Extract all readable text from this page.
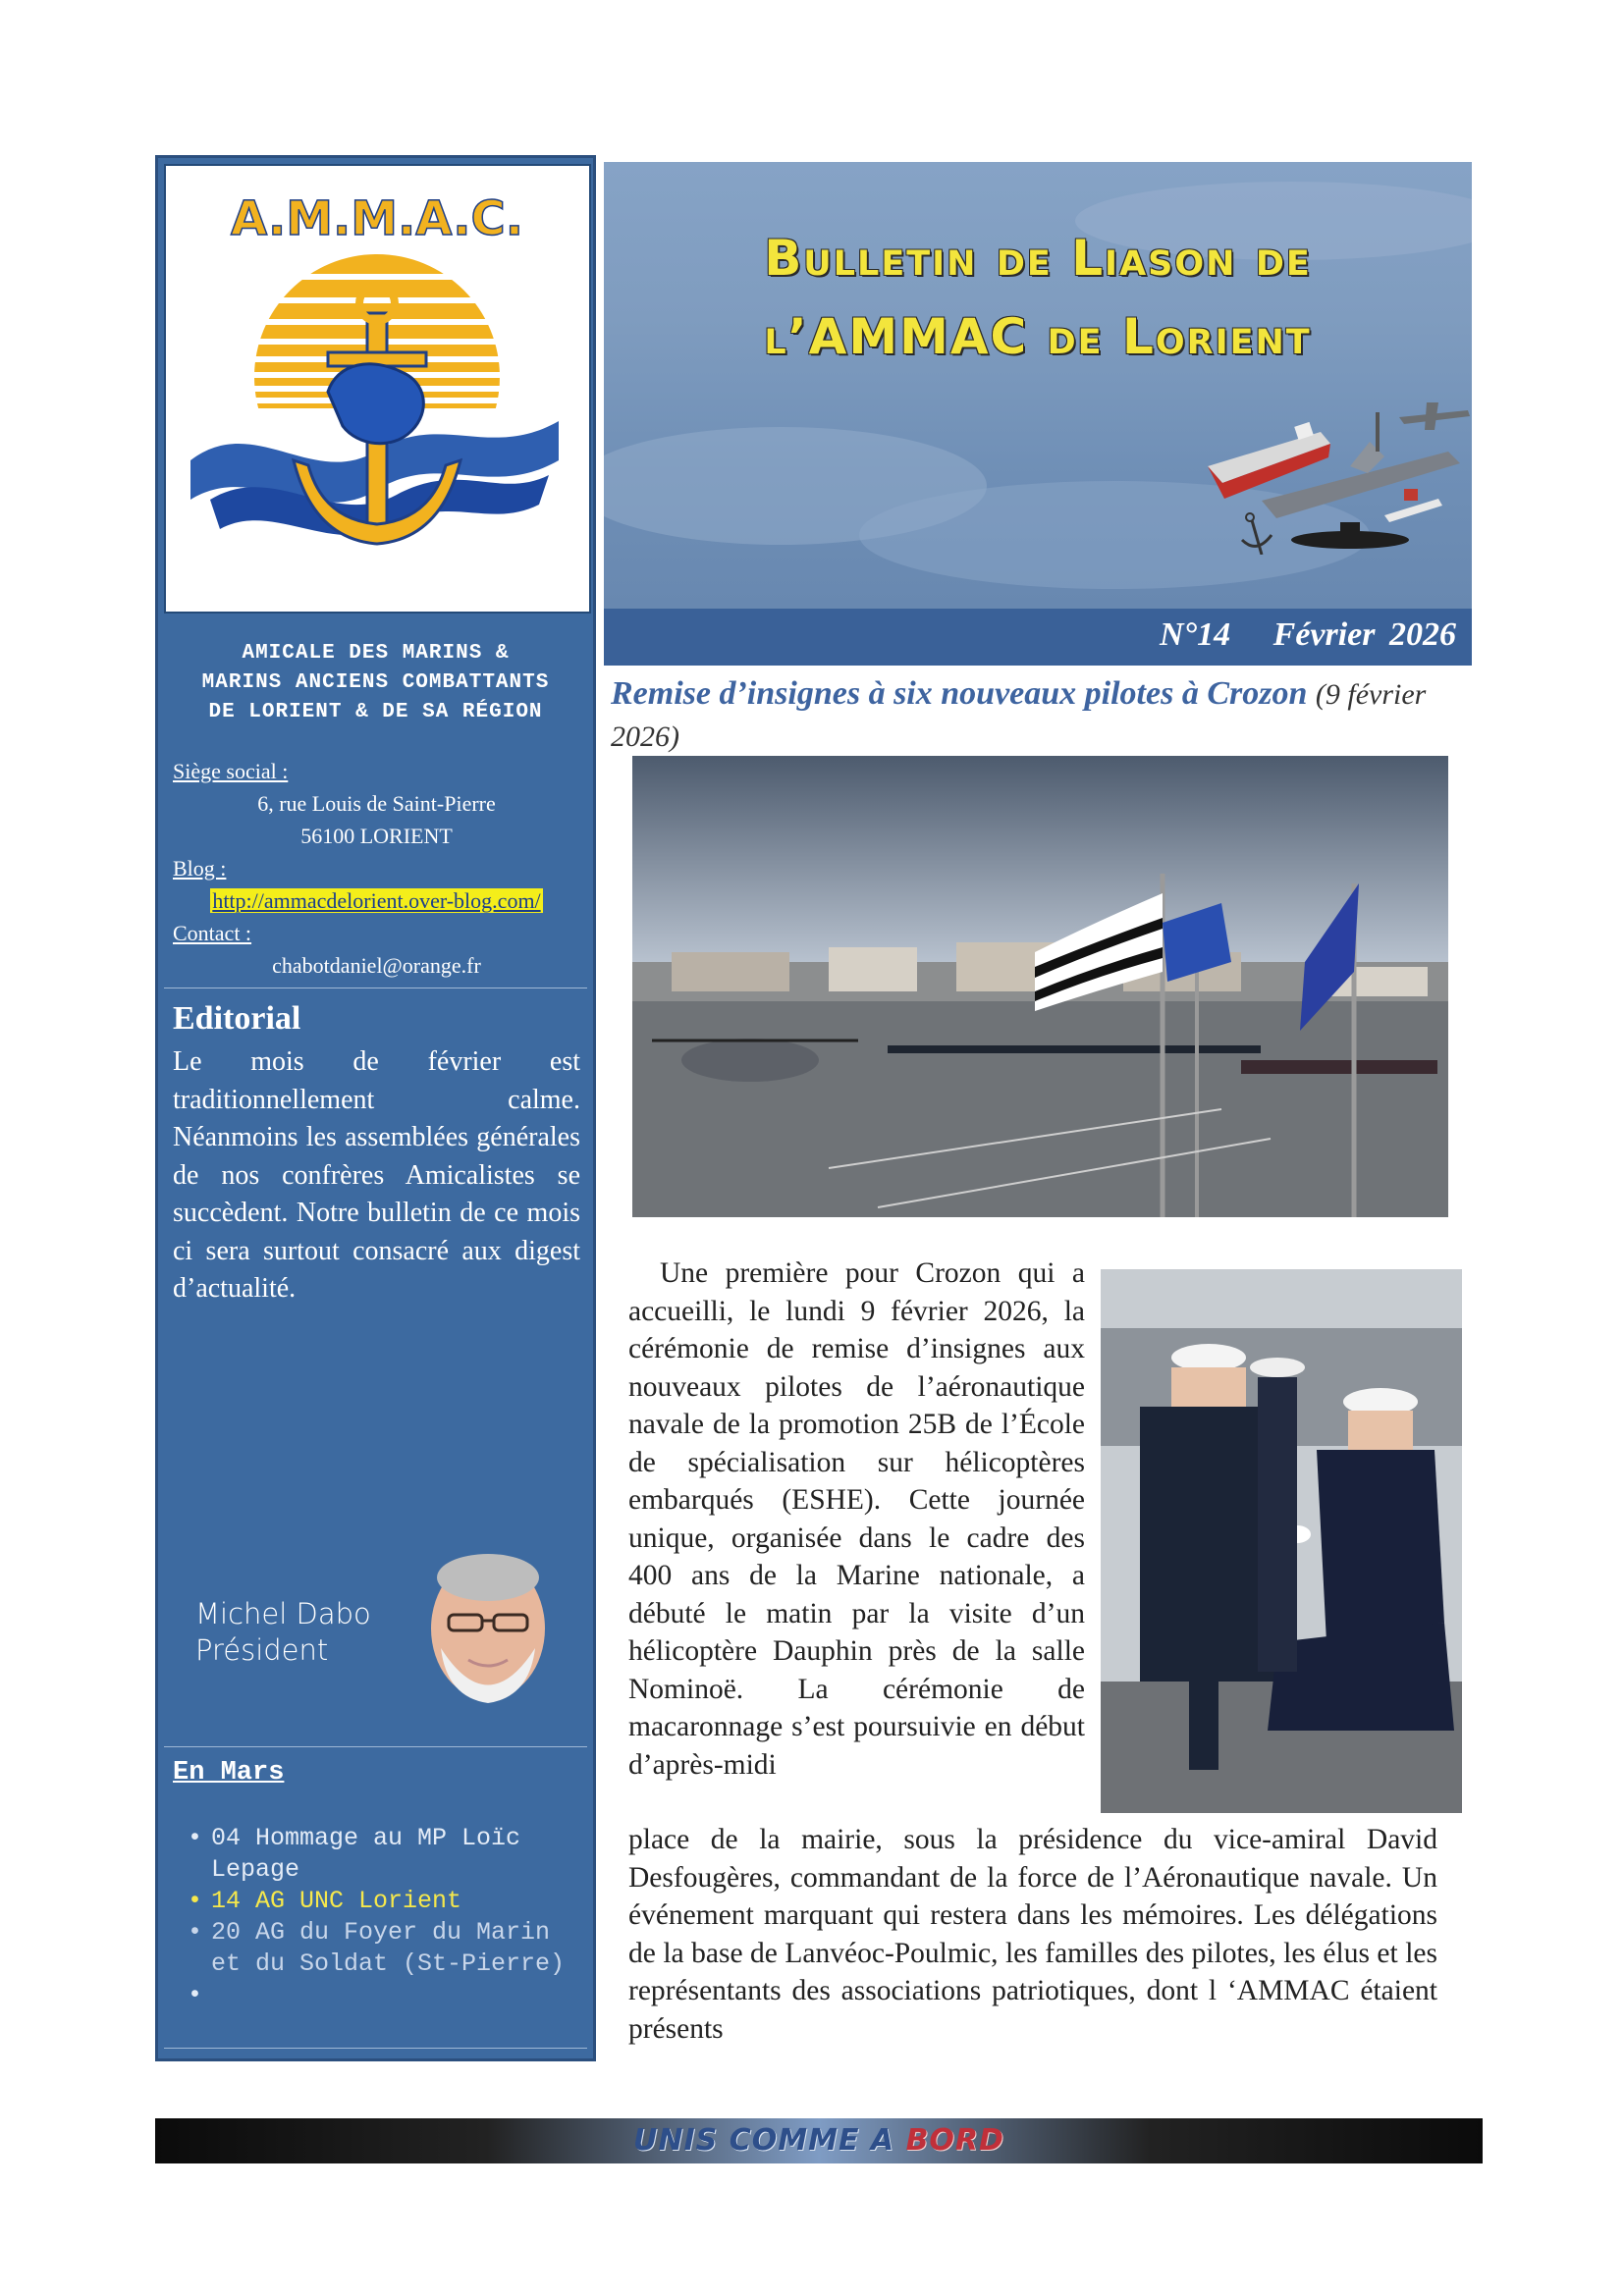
A.M.M.A.C.
AMICALE DES MARINS &
MARINS ANCIENS COMBATTANTS
DE LORIENT & DE SA RÉGION
Siège social :
6, rue Louis de Saint-Pierre
56100 LORIENT
Blog :
http://ammacdelorient.over-blog.com/
Contact :
chabotdaniel@orange.fr
Editorial
Le mois de février est traditionnellement calme. Néanmoins les assemblées générales de nos confrères Amicalistes se succèdent. Notre bulletin de ce mois ci sera surtout consacré aux digest d’actualité.
Michel Dabo
Président
En Mars
• 04 Hommage au MP Loïc Lepage
• 14 AG UNC Lorient
• 20 AG du Foyer du Marin et du Soldat (St-Pierre)
Bulletin de Liason de
l’AMMAC de Lorient
N°14 Février 2026
Remise d’insignes à six nouveaux pilotes à Crozon (9 février 2026)
Une première pour Crozon qui a accueilli, le lundi 9 février 2026, la cérémonie de remise d’insignes aux nouveaux pilotes de l’aéronautique navale de la promotion 25B de l’École de spécialisation sur hélicoptères embarqués (ESHE). Cette journée unique, organisée dans le cadre des 400 ans de la Marine nationale, a débuté le matin par la visite d’un hélicoptère Dauphin près de la salle Nominoë. La cérémonie de macaronnage s’est poursuivie en début d’après-midi
place de la mairie, sous la présidence du vice-amiral David Desfougères, commandant de la force de l’Aéronautique navale. Un événement marquant qui restera dans les mémoires. Les délégations de la base de Lanvéoc-Poulmic, les familles des pilotes, les élus et les représentants des associations patriotiques, dont l ‘AMMAC étaient présents
UNIS COMME A BORD
